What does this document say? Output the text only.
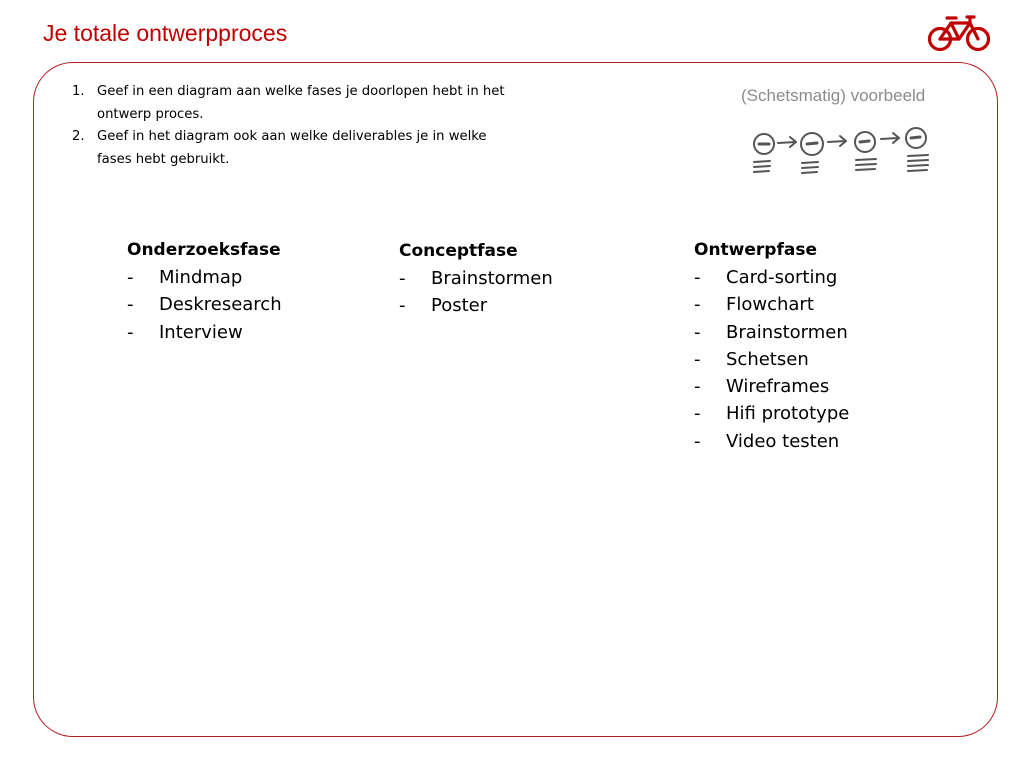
Je totale ontwerpproces
1. Geef in een diagram aan welke fases je doorlopen hebt in het ontwerp proces.
2. Geef in het diagram ook aan welke deliverables je in welke fases hebt gebruikt.
(Schetsmatig) voorbeeld
Onderzoeksfase
- Mindmap
- Deskresearch
- Interview
Conceptfase
- Brainstormen
- Poster
Ontwerpfase
- Card-sorting
- Flowchart
- Brainstormen
- Schetsen
- Wireframes
- Hifi prototype
- Video testen
